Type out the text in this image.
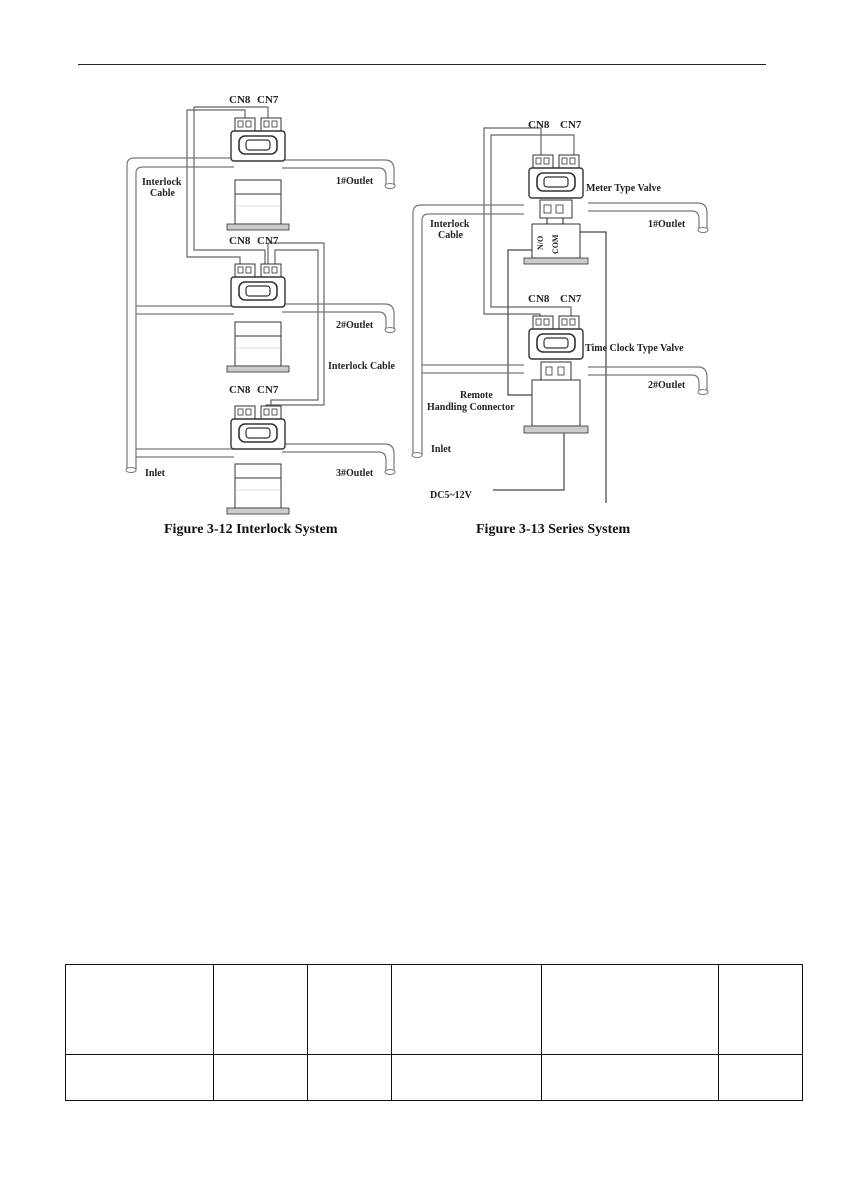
CN8 CN7
CN8 CN7
CN8 CN7
Interlock
Cable
1#Outlet
2#Outlet
Interlock Cable
3#Outlet
Inlet
Figure 3-12 Interlock System
CN8 CN7
Meter Type Valve
Interlock
Cable
1#Outlet
N/O COM
CN8 CN7
Time Clock Type Valve
2#Outlet
Remote
Handling Connector
Inlet
DC5~12V
Figure 3-13 Series System
